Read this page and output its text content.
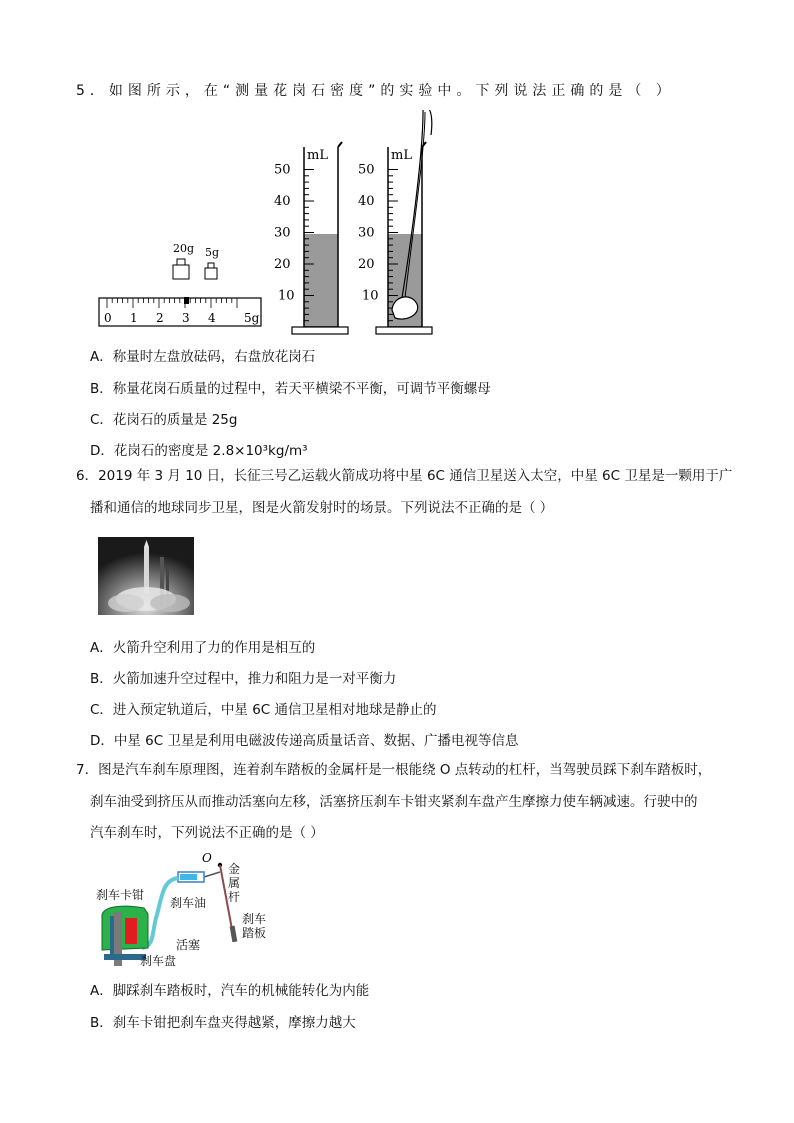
5．如图所示，在“测量花岗石密度”的实验中。下列说法正确的是（ ）
20g 5g
0 1 2 3 4 5g
mL
50
40
30
20
10
mL
50
40
30
20
10
A．称量时左盘放砝码，右盘放花岗石
B．称量花岗石质量的过程中，若天平横梁不平衡，可调节平衡螺母
C．花岗石的质量是 25g
D．花岗石的密度是 2.8×10³kg/m³
6．2019 年 3 月 10 日，长征三号乙运载火箭成功将中星 6C 通信卫星送入太空，中星 6C 卫星是一颗用于广
播和通信的地球同步卫星，图是火箭发射时的场景。下列说法不正确的是（ ）
A．火箭升空利用了力的作用是相互的
B．火箭加速升空过程中，推力和阻力是一对平衡力
C．进入预定轨道后，中星 6C 通信卫星相对地球是静止的
D．中星 6C 卫星是利用电磁波传递高质量话音、数据、广播电视等信息
7．图是汽车刹车原理图，连着刹车踏板的金属杆是一根能绕 O 点转动的杠杆，当驾驶员踩下刹车踏板时，
刹车油受到挤压从而推动活塞向左移，活塞挤压刹车卡钳夹紧刹车盘产生摩擦力使车辆减速。行驶中的
汽车刹车时，下列说法不正确的是（ ）
O
刹车卡钳
刹车油
活塞
刹车盘
金
属
杆
刹车
踏板
A．脚踩刹车踏板时，汽车的机械能转化为内能
B．刹车卡钳把刹车盘夹得越紧，摩擦力越大
